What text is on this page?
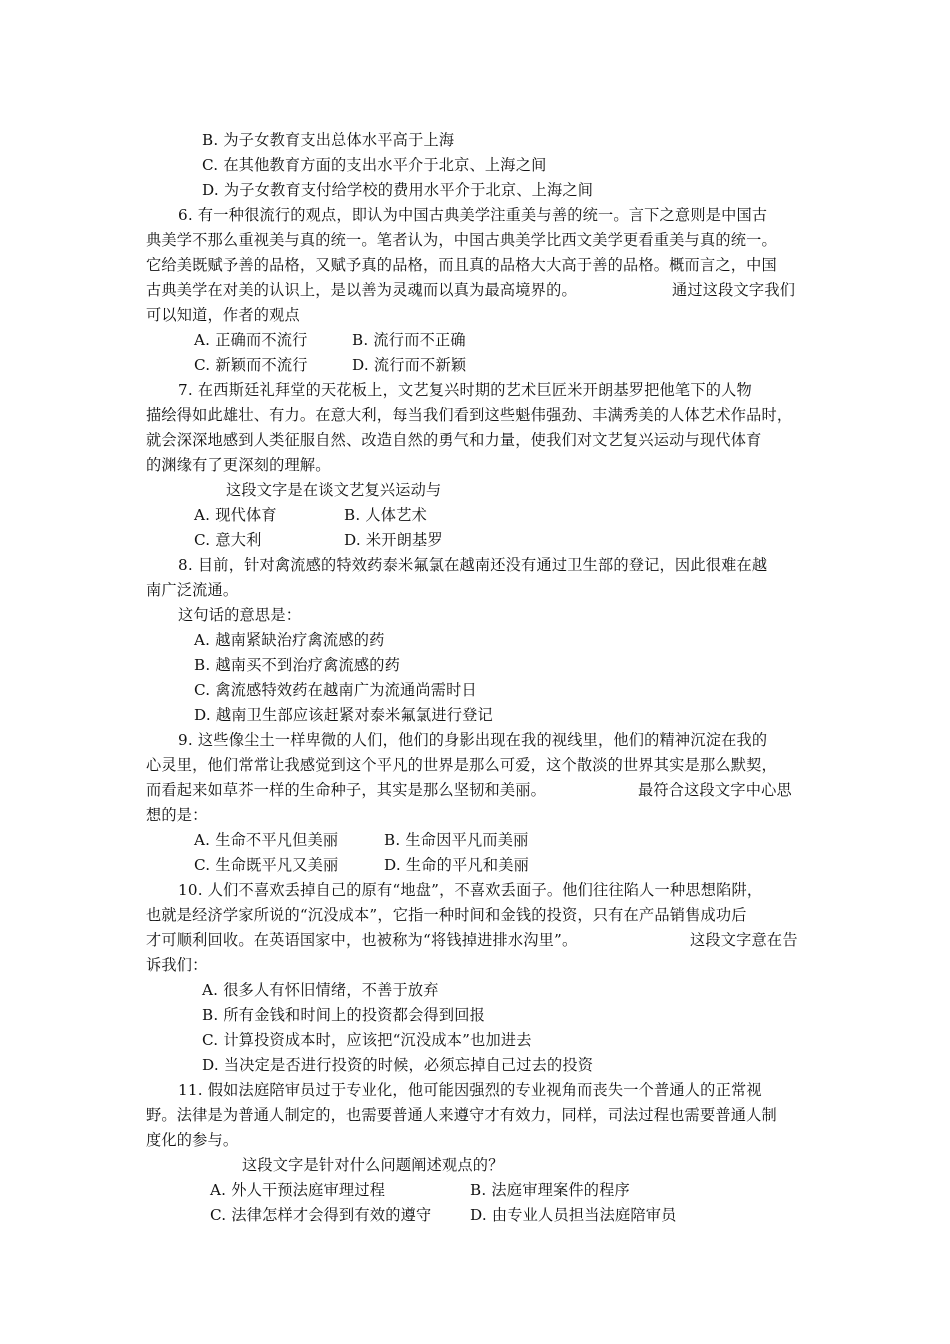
B. 为子女教育支出总体水平高于上海
C. 在其他教育方面的支出水平介于北京、上海之间
D. 为子女教育支付给学校的费用水平介于北京、上海之间
6. 有一种很流行的观点，即认为中国古典美学注重美与善的统一。言下之意则是中国古
典美学不那么重视美与真的统一。笔者认为，中国古典美学比西文美学更看重美与真的统一。
它给美既赋予善的品格，又赋予真的品格，而且真的品格大大高于善的品格。概而言之，中国
古典美学在对美的认识上，是以善为灵魂而以真为最高境界的。	通过这段文字我们
可以知道，作者的观点
A. 正确而不流行	B. 流行而不正确
C. 新颖而不流行	D. 流行而不新颖
7. 在西斯廷礼拜堂的天花板上，文艺复兴时期的艺术巨匠米开朗基罗把他笔下的人物
描绘得如此雄壮、有力。在意大利，每当我们看到这些魁伟强劲、丰满秀美的人体艺术作品时，
就会深深地感到人类征服自然、改造自然的勇气和力量，使我们对文艺复兴运动与现代体育
的渊缘有了更深刻的理解。
这段文字是在谈文艺复兴运动与
A. 现代体育	B. 人体艺术
C. 意大利	D. 米开朗基罗
8. 目前，针对禽流感的特效药泰米氟氯在越南还没有通过卫生部的登记，因此很难在越
南广泛流通。
这句话的意思是：
A. 越南紧缺治疗禽流感的药
B. 越南买不到治疗禽流感的药
C. 禽流感特效药在越南广为流通尚需时日
D. 越南卫生部应该赶紧对泰米氟氯进行登记
9. 这些像尘土一样卑微的人们，他们的身影出现在我的视线里，他们的精神沉淀在我的
心灵里，他们常常让我感觉到这个平凡的世界是那么可爱，这个散淡的世界其实是那么默契，
而看起来如草芥一样的生命种子，其实是那么坚韧和美丽。	最符合这段文字中心思
想的是：
A. 生命不平凡但美丽	B. 生命因平凡而美丽
C. 生命既平凡又美丽	D. 生命的平凡和美丽
10. 人们不喜欢丢掉自己的原有“地盘”，不喜欢丢面子。他们往往陷人一种思想陷阱，
也就是经济学家所说的“沉没成本”，它指一种时间和金钱的投资，只有在产品销售成功后
才可顺利回收。在英语国家中，也被称为“将钱掉进排水沟里”。	这段文字意在告
诉我们：
A. 很多人有怀旧情绪，不善于放弃
B. 所有金钱和时间上的投资都会得到回报
C. 计算投资成本时，应该把“沉没成本”也加进去
D. 当决定是否进行投资的时候，必须忘掉自己过去的投资
11. 假如法庭陪审员过于专业化，他可能因强烈的专业视角而丧失一个普通人的正常视
野。法律是为普通人制定的，也需要普通人来遵守才有效力，同样，司法过程也需要普通人制
度化的参与。
这段文字是针对什么问题阐述观点的？
A. 外人干预法庭审理过程	B. 法庭审理案件的程序
C. 法律怎样才会得到有效的遵守	D. 由专业人员担当法庭陪审员
